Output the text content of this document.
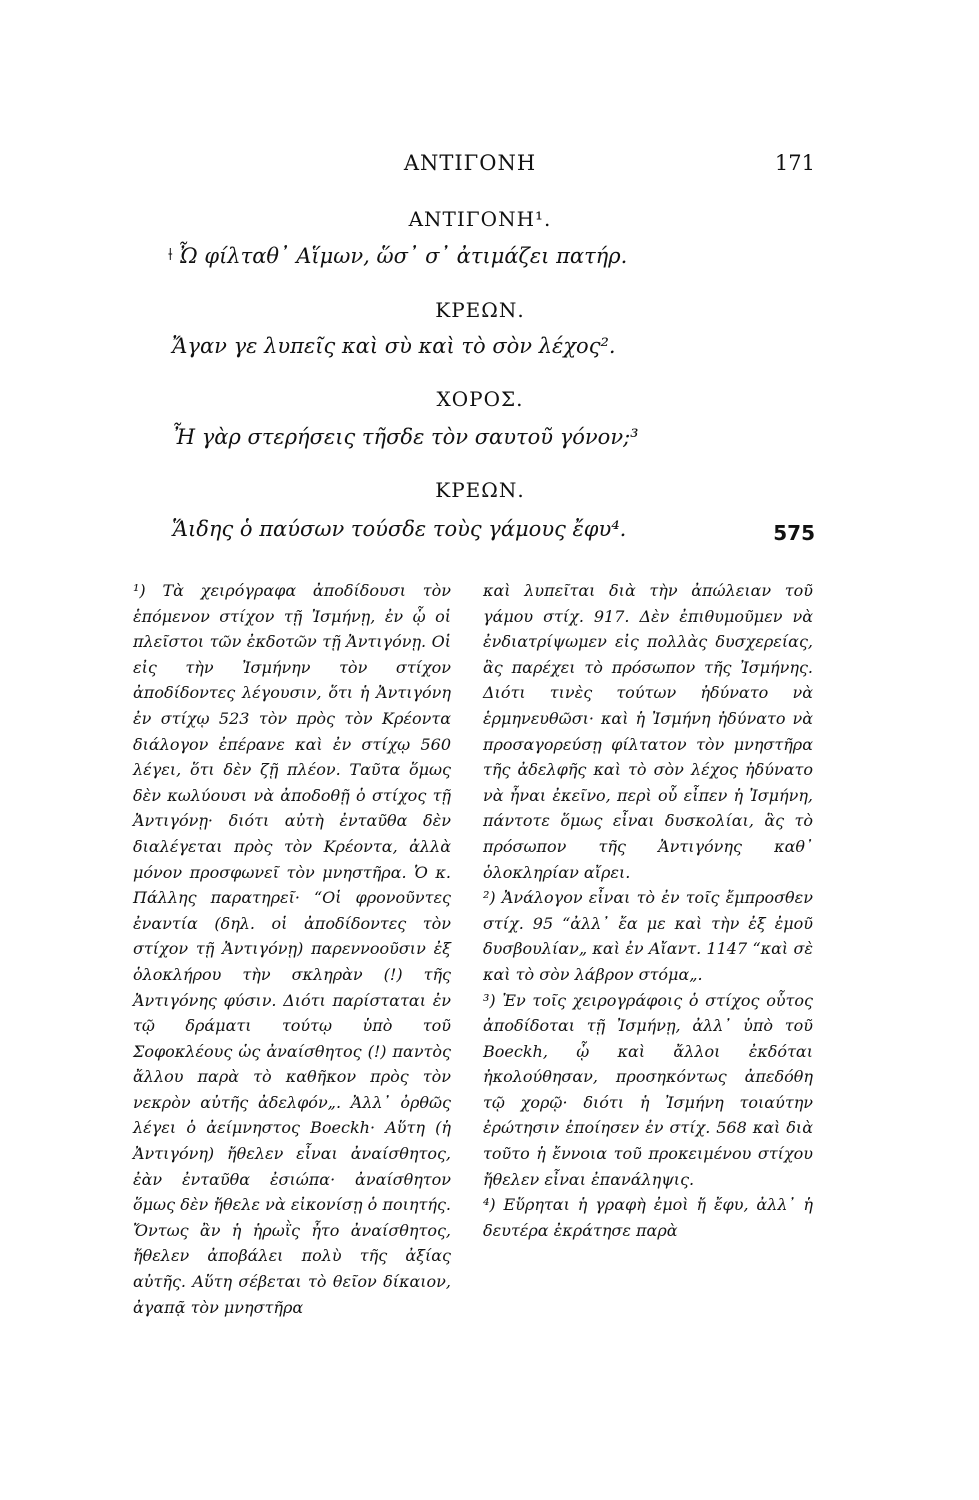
ΑΝΤΙΓΟΝΗ	171
ΑΝΤΙΓΟΝΗ¹.
⟊ Ὦ φίλταθ᾽ Αἵμων, ὥσ᾽ σ᾽ ἀτιμάζει πατήρ.
ΚΡΕΩΝ.
Ἄγαν γε λυπεῖς καὶ σὺ καὶ τὸ σὸν λέχος².
ΧΟΡΟΣ.
Ἦ γὰρ στερήσεις τῆσδε τὸν σαυτοῦ γόνον;³
ΚΡΕΩΝ.
Ἅιδης ὁ παύσων τούσδε τοὺς γάμους ἔφυ⁴.	575

¹) Τὰ χειρόγραφα ἀποδίδουσι τὸν ἑπόμενον στίχον τῇ Ἰσμήνῃ, ἐν ᾧ οἱ πλεῖστοι τῶν ἐκδοτῶν τῇ Ἀντιγόνῃ. Οἱ εἰς τὴν Ἰσμήνην τὸν στίχον ἀποδίδοντες λέγουσιν, ὅτι ἡ Ἀντιγόνη ἐν στίχῳ 523 τὸν πρὸς τὸν Κρέοντα διάλογον ἐπέρανε καὶ ἐν στίχῳ 560 λέγει, ὅτι δὲν ζῇ πλέον. Ταῦτα ὅμως δὲν κωλύουσι νὰ ἀποδοθῇ ὁ στίχος τῇ Ἀντιγόνῃ· διότι αὐτὴ ἐνταῦθα δὲν διαλέγεται πρὸς τὸν Κρέοντα, ἀλλὰ μόνον προσφωνεῖ τὸν μνηστῆρα. Ὁ κ. Πάλλης παρατηρεῖ· “Οἱ φρονοῦντες ἐναντία (δηλ. οἱ ἀποδίδοντες τὸν στίχον τῇ Ἀντιγόνῃ) παρεννοοῦσιν ἐξ ὁλοκλήρου τὴν σκληρὰν (!) τῆς Ἀντιγόνης φύσιν. Διότι παρίσταται ἐν τῷ δράματι τούτῳ ὑπὸ τοῦ Σοφοκλέους ὡς ἀναίσθητος (!) παντὸς ἄλλου παρὰ τὸ καθῆκον πρὸς τὸν νεκρὸν αὐτῆς ἀδελφόν„. Ἀλλ᾽ ὀρθῶς λέγει ὁ ἀείμνηστος Boeckh· Αὕτη (ἡ Ἀντιγόνη) ἤθελεν εἶναι ἀναίσθητος, ἐὰν ἐνταῦθα ἐσιώπα· ἀναίσθητον ὅμως δὲν ἤθελε νὰ εἰκονίσῃ ὁ ποιητής. Ὄντως ἂν ἡ ἡρωῒς ἦτο ἀναίσθητος, ἤθελεν ἀποβάλει πολὺ τῆς ἀξίας αὐτῆς. Αὕτη σέβεται τὸ θεῖον δίκαιον, ἀγαπᾷ τὸν μνηστῆρα

καὶ λυπεῖται διὰ τὴν ἀπώλειαν τοῦ γάμου στίχ. 917. Δὲν ἐπιθυμοῦμεν νὰ ἐνδιατρίψωμεν εἰς πολλὰς δυσχερείας, ἃς παρέχει τὸ πρόσωπον τῆς Ἰσμήνης. Διότι τινὲς τούτων ἠδύνατο νὰ ἑρμηνευθῶσι· καὶ ἡ Ἰσμήνη ἠδύνατο νὰ προσαγορεύσῃ φίλτατον τὸν μνηστῆρα τῆς ἀδελφῆς καὶ τὸ σὸν λέχος ἠδύνατο νὰ ἦναι ἐκεῖνο, περὶ οὗ εἶπεν ἡ Ἰσμήνη, πάντοτε ὅμως εἶναι δυσκολίαι, ἃς τὸ πρόσωπον τῆς Ἀντιγόνης καθ᾽ ὁλοκληρίαν αἴρει.

²) Ἀνάλογον εἶναι τὸ ἐν τοῖς ἔμπροσθεν στίχ. 95 “ἀλλ᾽ ἔα με καὶ τὴν ἐξ ἐμοῦ δυσβουλίαν„ καὶ ἐν Αἴαντ. 1147 “καὶ σὲ καὶ τὸ σὸν λάβρον στόμα„.

³) Ἐν τοῖς χειρογράφοις ὁ στίχος οὗτος ἀποδίδοται τῇ Ἰσμήνῃ, ἀλλ᾽ ὑπὸ τοῦ Boeckh, ᾧ καὶ ἄλλοι ἐκδόται ἠκολούθησαν, προσηκόντως ἀπεδόθη τῷ χορῷ· διότι ἡ Ἰσμήνη τοιαύτην ἐρώτησιν ἐποίησεν ἐν στίχ. 568 καὶ διὰ τοῦτο ἡ ἔννοια τοῦ προκειμένου στίχου ἤθελεν εἶναι ἐπανάληψις.

⁴) Εὕρηται ἡ γραφὴ ἐμοὶ ἤ ἔφυ, ἀλλ᾽ ἡ δευτέρα ἐκράτησε παρὰ
